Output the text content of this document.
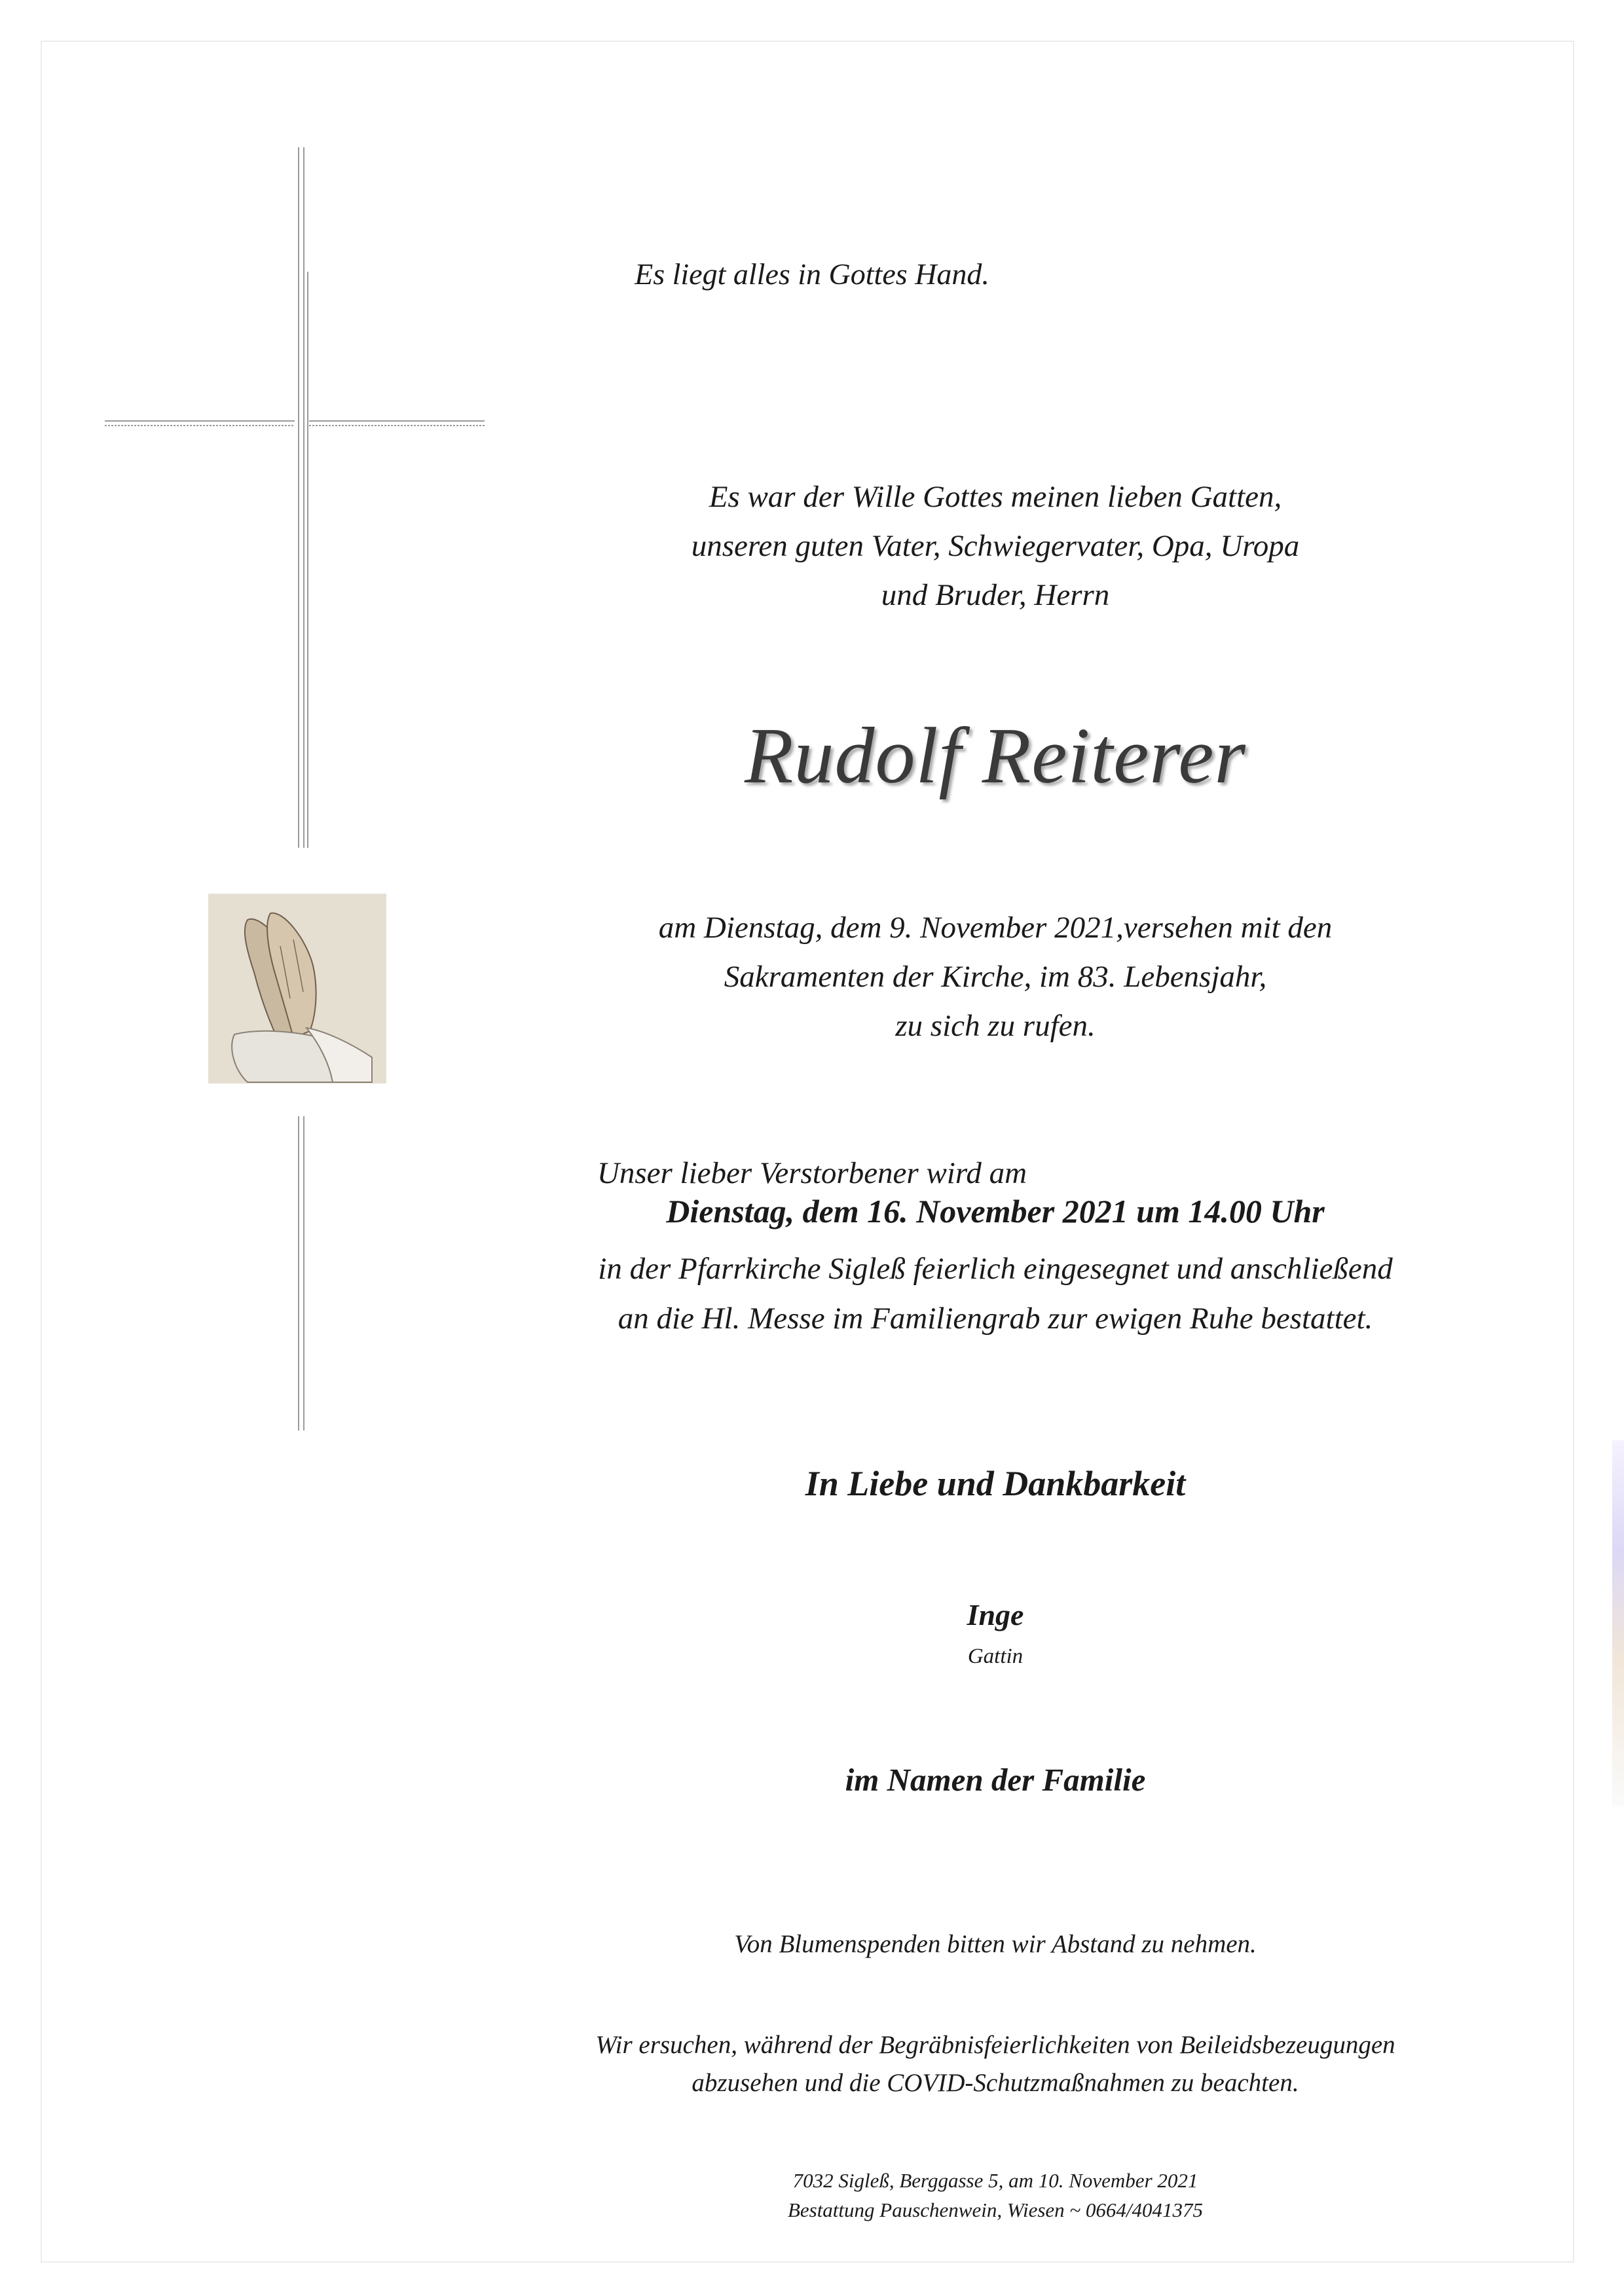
Es liegt alles in Gottes Hand.
Es war der Wille Gottes meinen lieben Gatten,
unseren guten Vater, Schwiegervater, Opa, Uropa
und Bruder, Herrn
Rudolf Reiterer
am Dienstag, dem 9. November 2021,versehen mit den
Sakramenten der Kirche, im 83. Lebensjahr,
zu sich zu rufen.
Unser lieber Verstorbener wird am
Dienstag, dem 16. November 2021 um 14.00 Uhr
in der Pfarrkirche Sigleß feierlich eingesegnet und anschließend
an die Hl. Messe im Familiengrab zur ewigen Ruhe bestattet.
In Liebe und Dankbarkeit
Inge
Gattin
im Namen der Familie
Von Blumenspenden bitten wir Abstand zu nehmen.
Wir ersuchen, während der Begräbnisfeierlichkeiten von Beileidsbezeugungen
abzusehen und die COVID-Schutzmaßnahmen zu beachten.
7032 Sigleß, Berggasse 5, am 10. November 2021
Bestattung Pauschenwein, Wiesen ~ 0664/4041375
